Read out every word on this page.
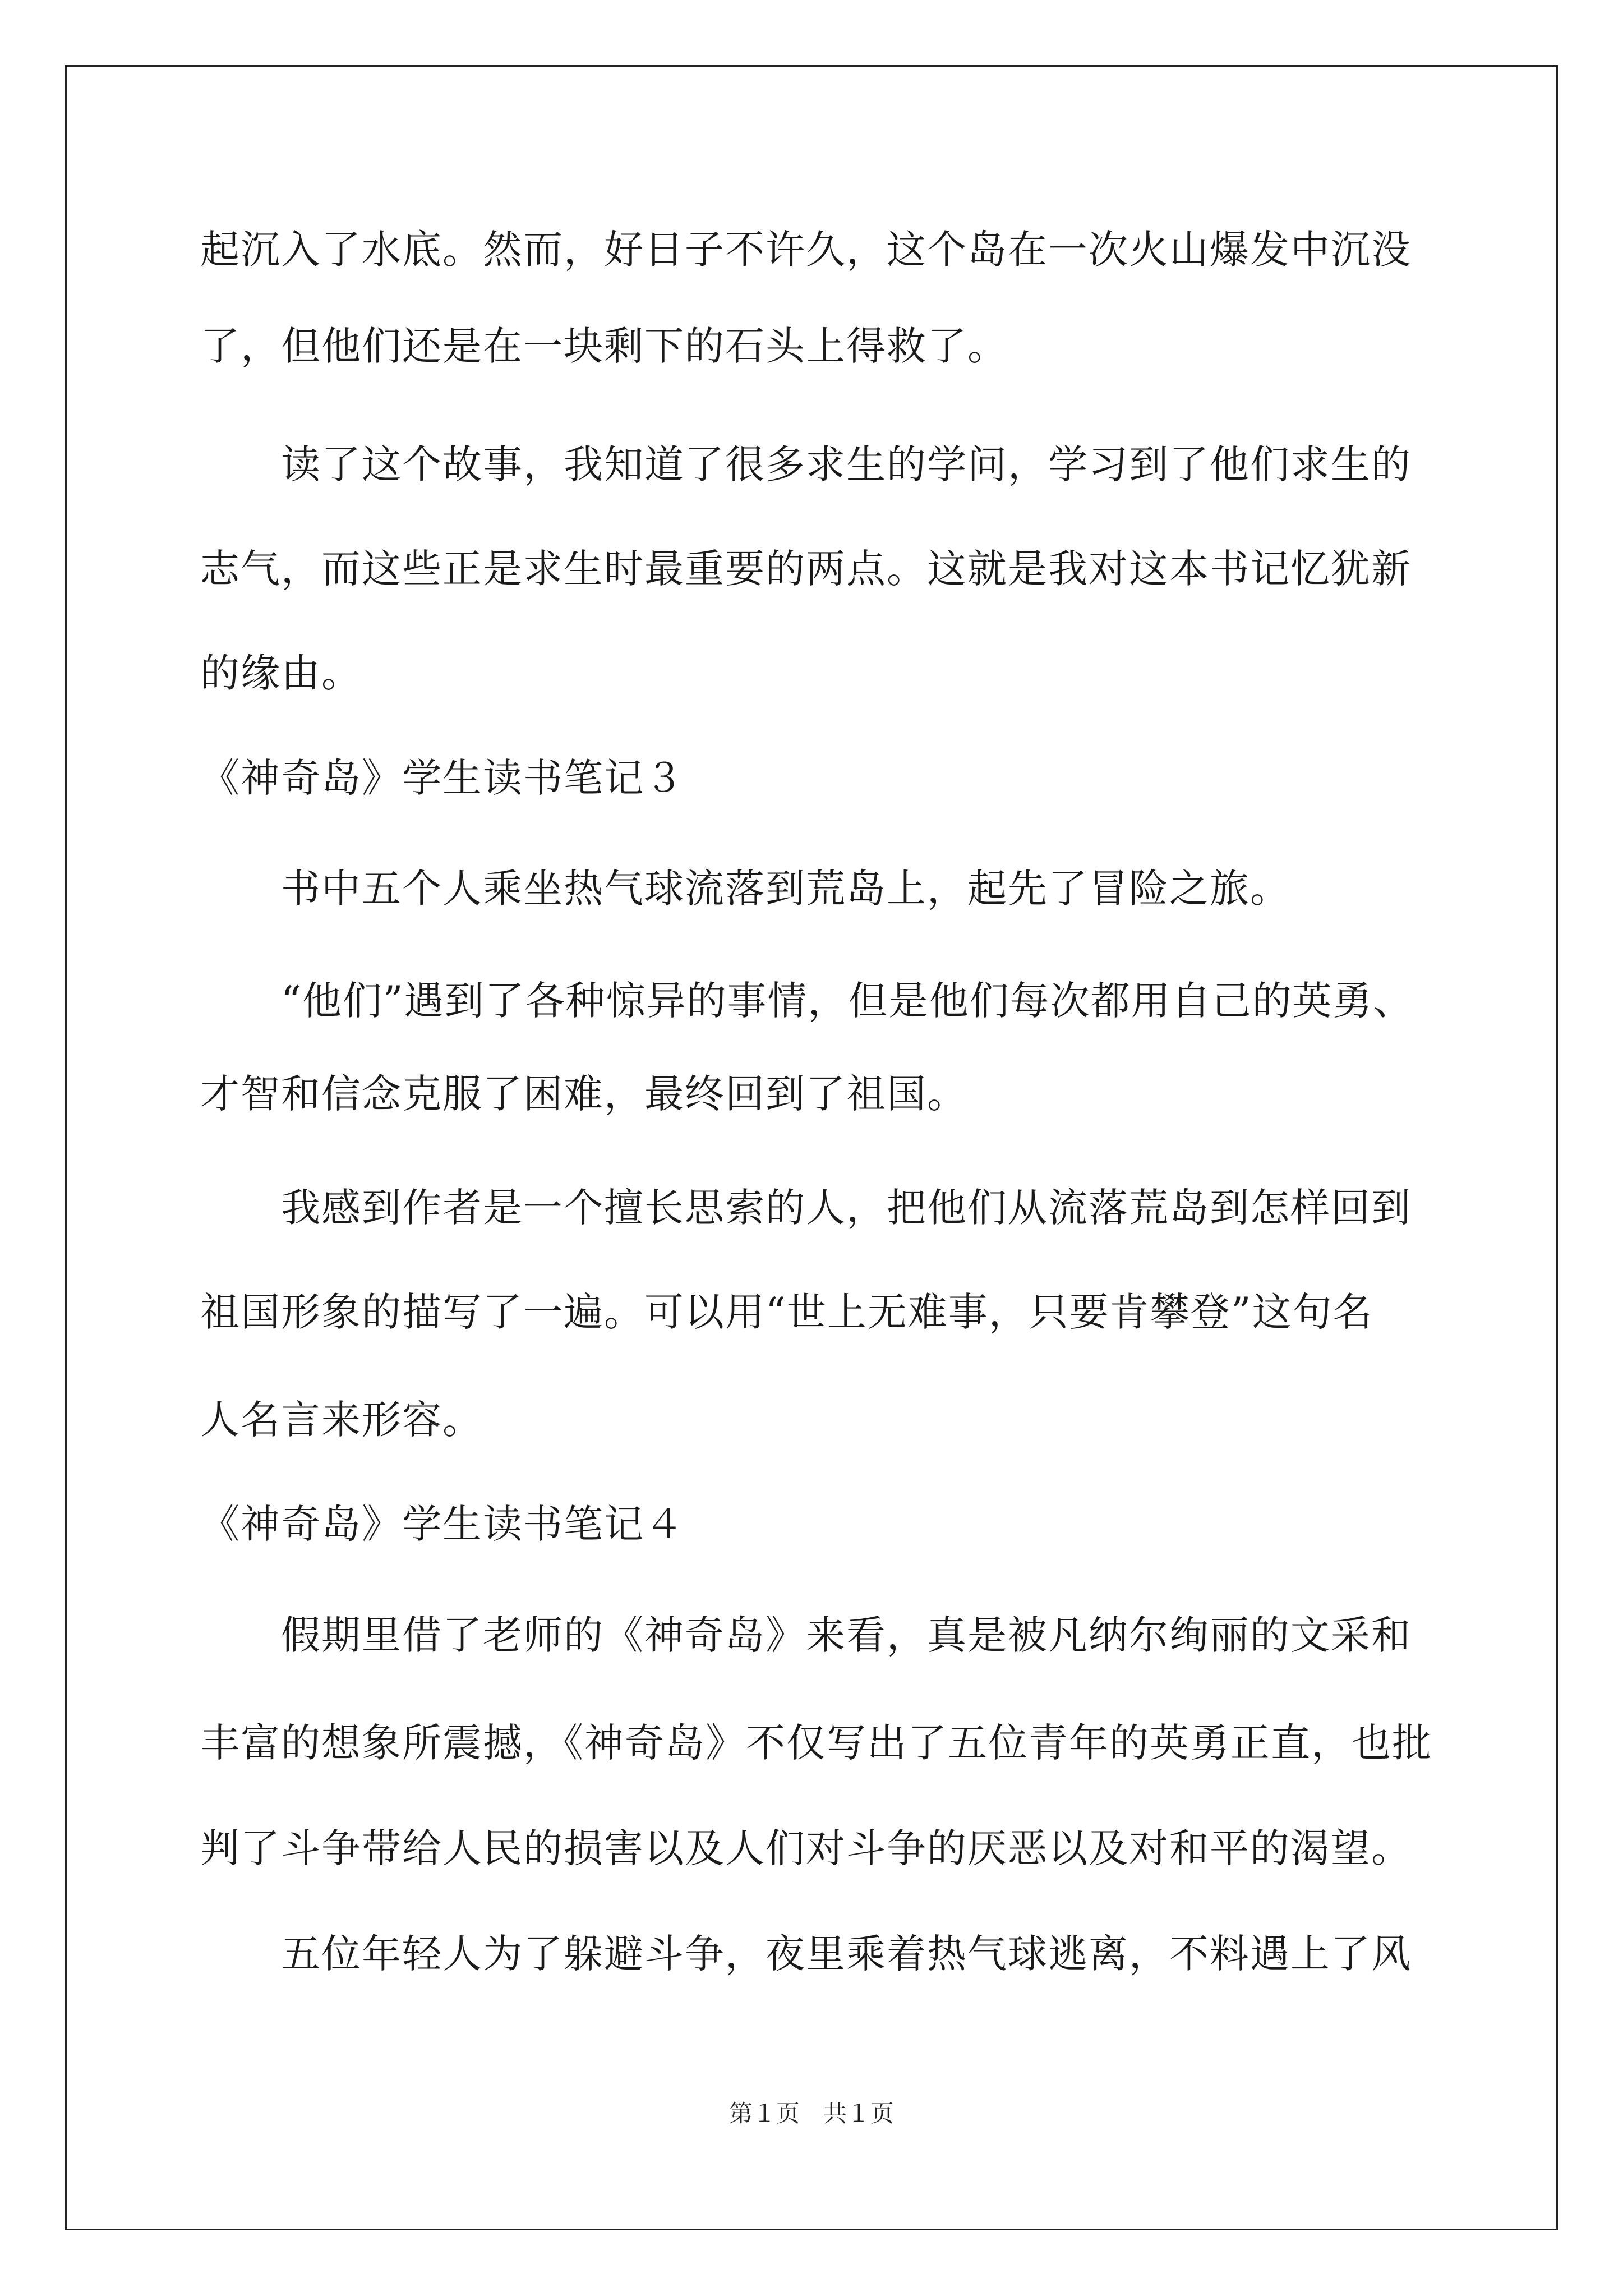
起沉入了水底。然而，好日子不许久，这个岛在一次火山爆发中沉没
了，但他们还是在一块剩下的石头上得救了。
　　读了这个故事，我知道了很多求生的学问，学习到了他们求生的
志气，而这些正是求生时最重要的两点。这就是我对这本书记忆犹新
的缘由。
《神奇岛》学生读书笔记３
　　书中五个人乘坐热气球流落到荒岛上，起先了冒险之旅。
　　“他们”遇到了各种惊异的事情，但是他们每次都用自己的英勇、
才智和信念克服了困难，最终回到了祖国。
　　我感到作者是一个擅长思索的人，把他们从流落荒岛到怎样回到
祖国形象的描写了一遍。可以用“世上无难事，只要肯攀登”这句名
人名言来形容。
《神奇岛》学生读书笔记４
　　假期里借了老师的《神奇岛》来看，真是被凡纳尔绚丽的文采和
丰富的想象所震撼，《神奇岛》不仅写出了五位青年的英勇正直，也批
判了斗争带给人民的损害以及人们对斗争的厌恶以及对和平的渴望。
　　五位年轻人为了躲避斗争，夜里乘着热气球逃离，不料遇上了风
第１页　共１页
